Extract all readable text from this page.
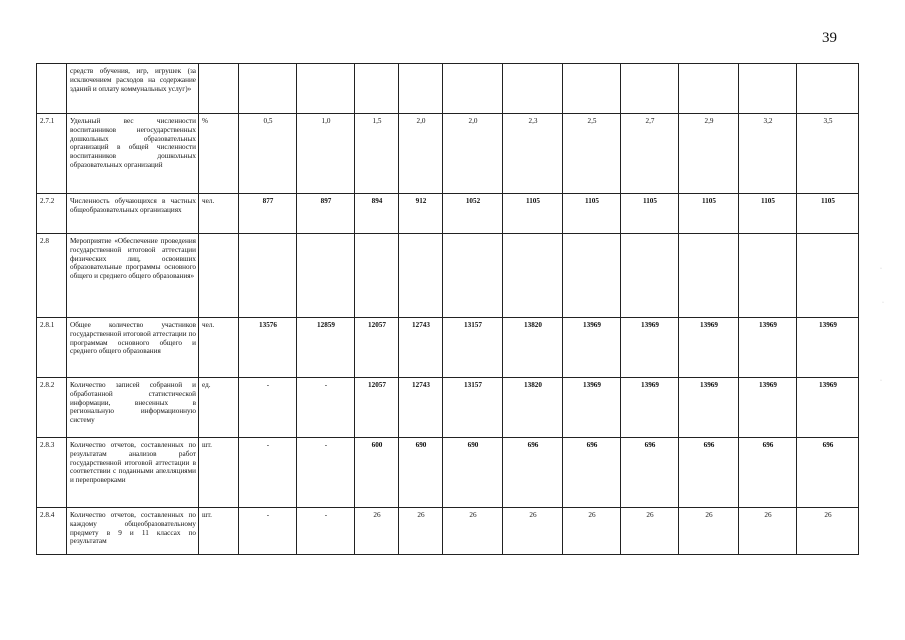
39
	средств обучения, игр, игрушек (за исключением расходов на содержание зданий и оплату коммунальных услуг)»												
2.7.1	Удельный вес численности воспитанников негосударственных дошкольных образовательных организаций в общей численности воспитанников дошкольных образовательных организаций	%	0,5	1,0	1,5	2,0	2,0	2,3	2,5	2,7	2,9	3,2	3,5
2.7.2	Численность обучающихся в частных общеобразовательных организациях	чел.	877	897	894	912	1052	1105	1105	1105	1105	1105	1105
2.8	Мероприятие «Обеспечение проведения государственной итоговой аттестации физических лиц, освоивших образовательные программы основного общего и среднего общего образования»												
2.8.1	Общее количество участников государственной итоговой аттестации по программам основного общего и среднего общего образования	чел.	13576	12859	12057	12743	13157	13820	13969	13969	13969	13969	13969
2.8.2	Количество записей собранной и обработанной статистической информации, внесенных в региональную информационную систему	ед.	-	-	12057	12743	13157	13820	13969	13969	13969	13969	13969
2.8.3	Количество отчетов, составленных по результатам анализов работ государственной итоговой аттестации в соответствии с поданными апелляциями и перепроверками	шт.	-	-	600	690	690	696	696	696	696	696	696
2.8.4	Количество отчетов, составленных по каждому общеобразовательному предмету в 9 и 11 классах по результатам	шт.	-	-	26	26	26	26	26	26	26	26	26
·
·
·
